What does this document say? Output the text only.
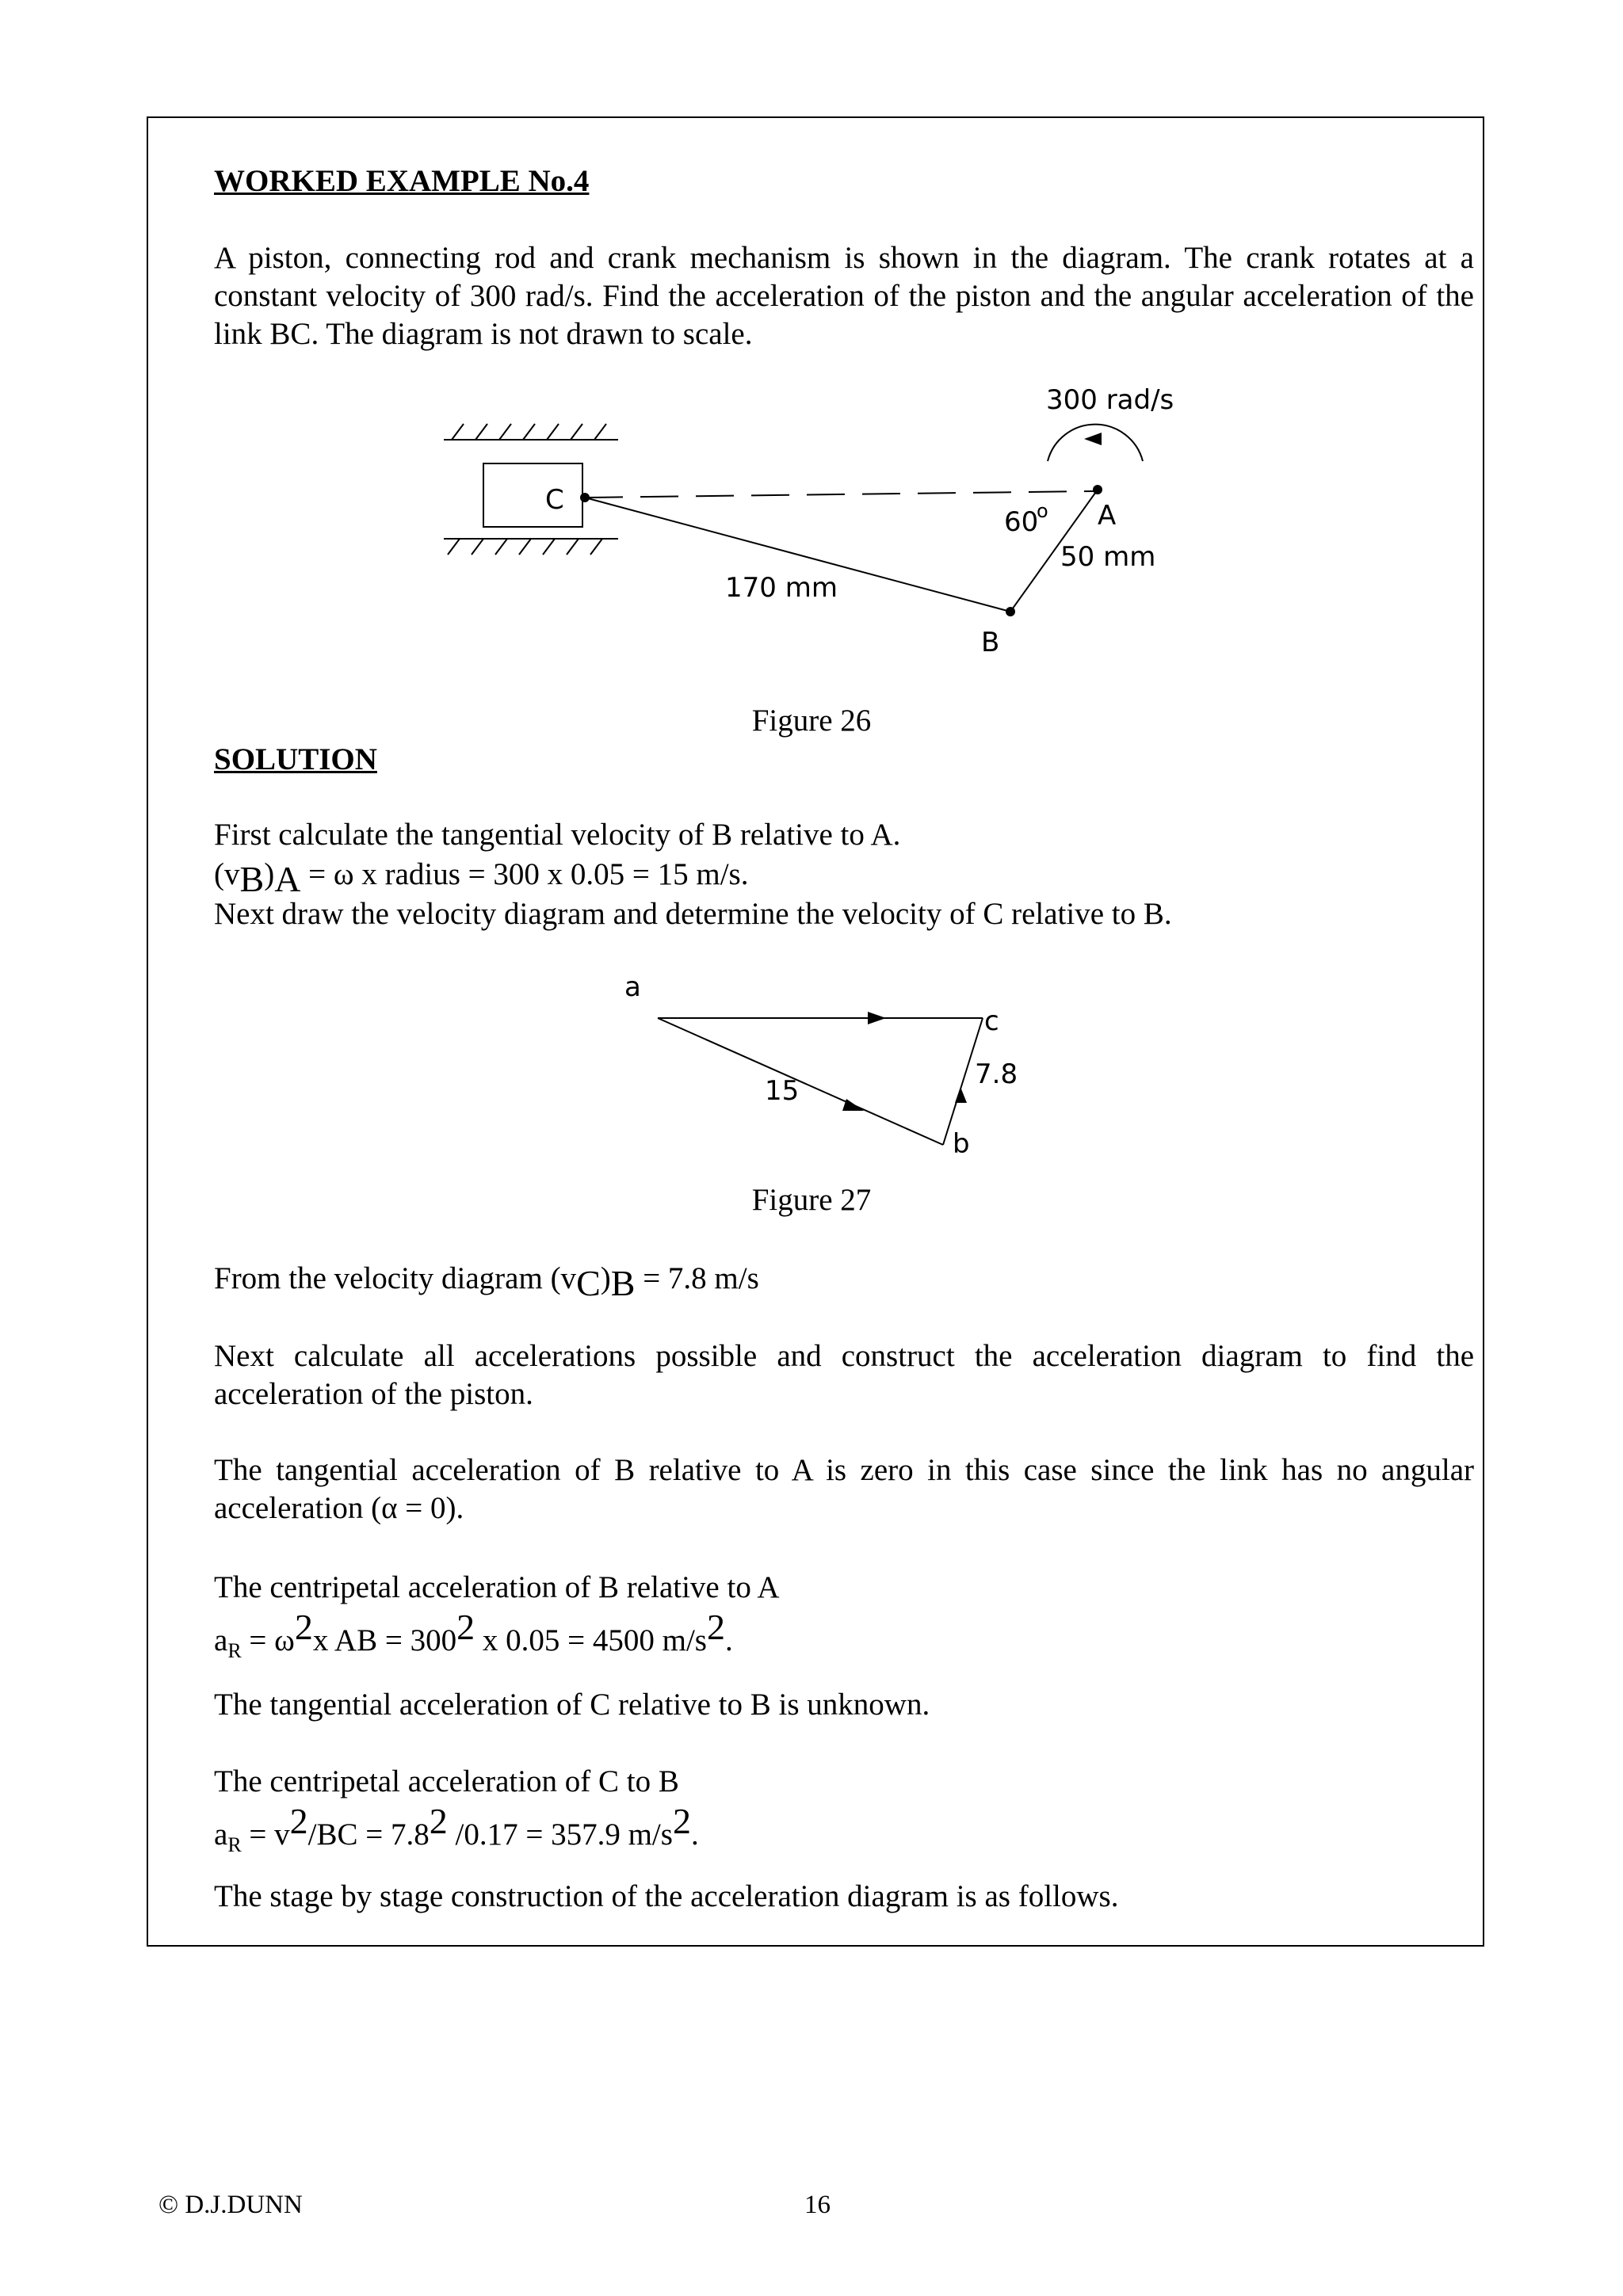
WORKED EXAMPLE No.4

A piston, connecting rod and crank mechanism is shown in the diagram. The crank rotates at a constant velocity of 300 rad/s. Find the acceleration of the piston and the angular acceleration of the link BC. The diagram is not drawn to scale.

300 rad/s
C
60
o A
50 mm
170 mm
B
Figure 26
SOLUTION

First calculate the tangential velocity of B relative to A.

$(v_B)_A = \omega$ x radius = 300 x 0.05 = 15 m/s.

Next draw the velocity diagram and determine the velocity of C relative to B.

a
c
7.8
15
b
Figure 27

From the velocity diagram $(v_C)_B = 7.8$ m/s

Next calculate all accelerations possible and construct the acceleration diagram to find the acceleration of the piston.

The tangential acceleration of B relative to A is zero in this case since the link has no angular acceleration (α = 0).

The centripetal acceleration of B relative to A

$a_R = \omega^2x$ AB = $300^2$ x 0.05 = 4500 $m/s^2$.

The tangential acceleration of C relative to B is unknown.

The centripetal acceleration of C to B

$a_R = v^2/BC = 7.8^2$ /0.17 = 357.9 $m/s^2$.

The stage by stage construction of the acceleration diagram is as follows.

© D.J.DUNN	16
